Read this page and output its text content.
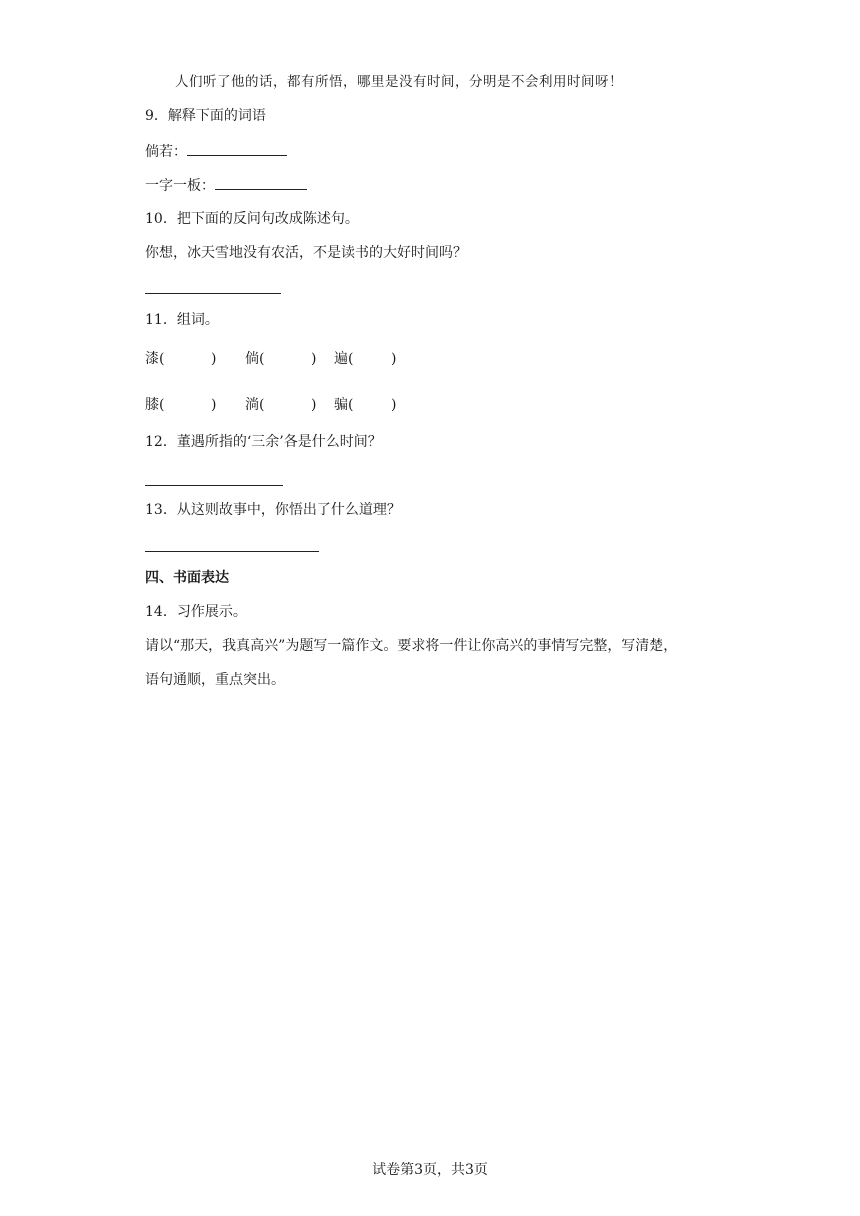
人们听了他的话，都有所悟，哪里是没有时间，分明是不会利用时间呀！
9．解释下面的词语
倘若：
一字一板：
10．把下面的反问句改成陈述句。
你想，冰天雪地没有农活，不是读书的大好时间吗？
11．组词。
漆 (	) 倘 (	) 遍 (	)
膝 (	) 淌 (	) 骗 (	)
12．董遇所指的‘三余’各是什么时间？
13．从这则故事中，你悟出了什么道理？
四、书面表达
14．习作展示。
请以“那天，我真高兴”为题写一篇作文。要求将一件让你高兴的事情写完整，写清楚，
语句通顺，重点突出。
试卷第3页，共3页
